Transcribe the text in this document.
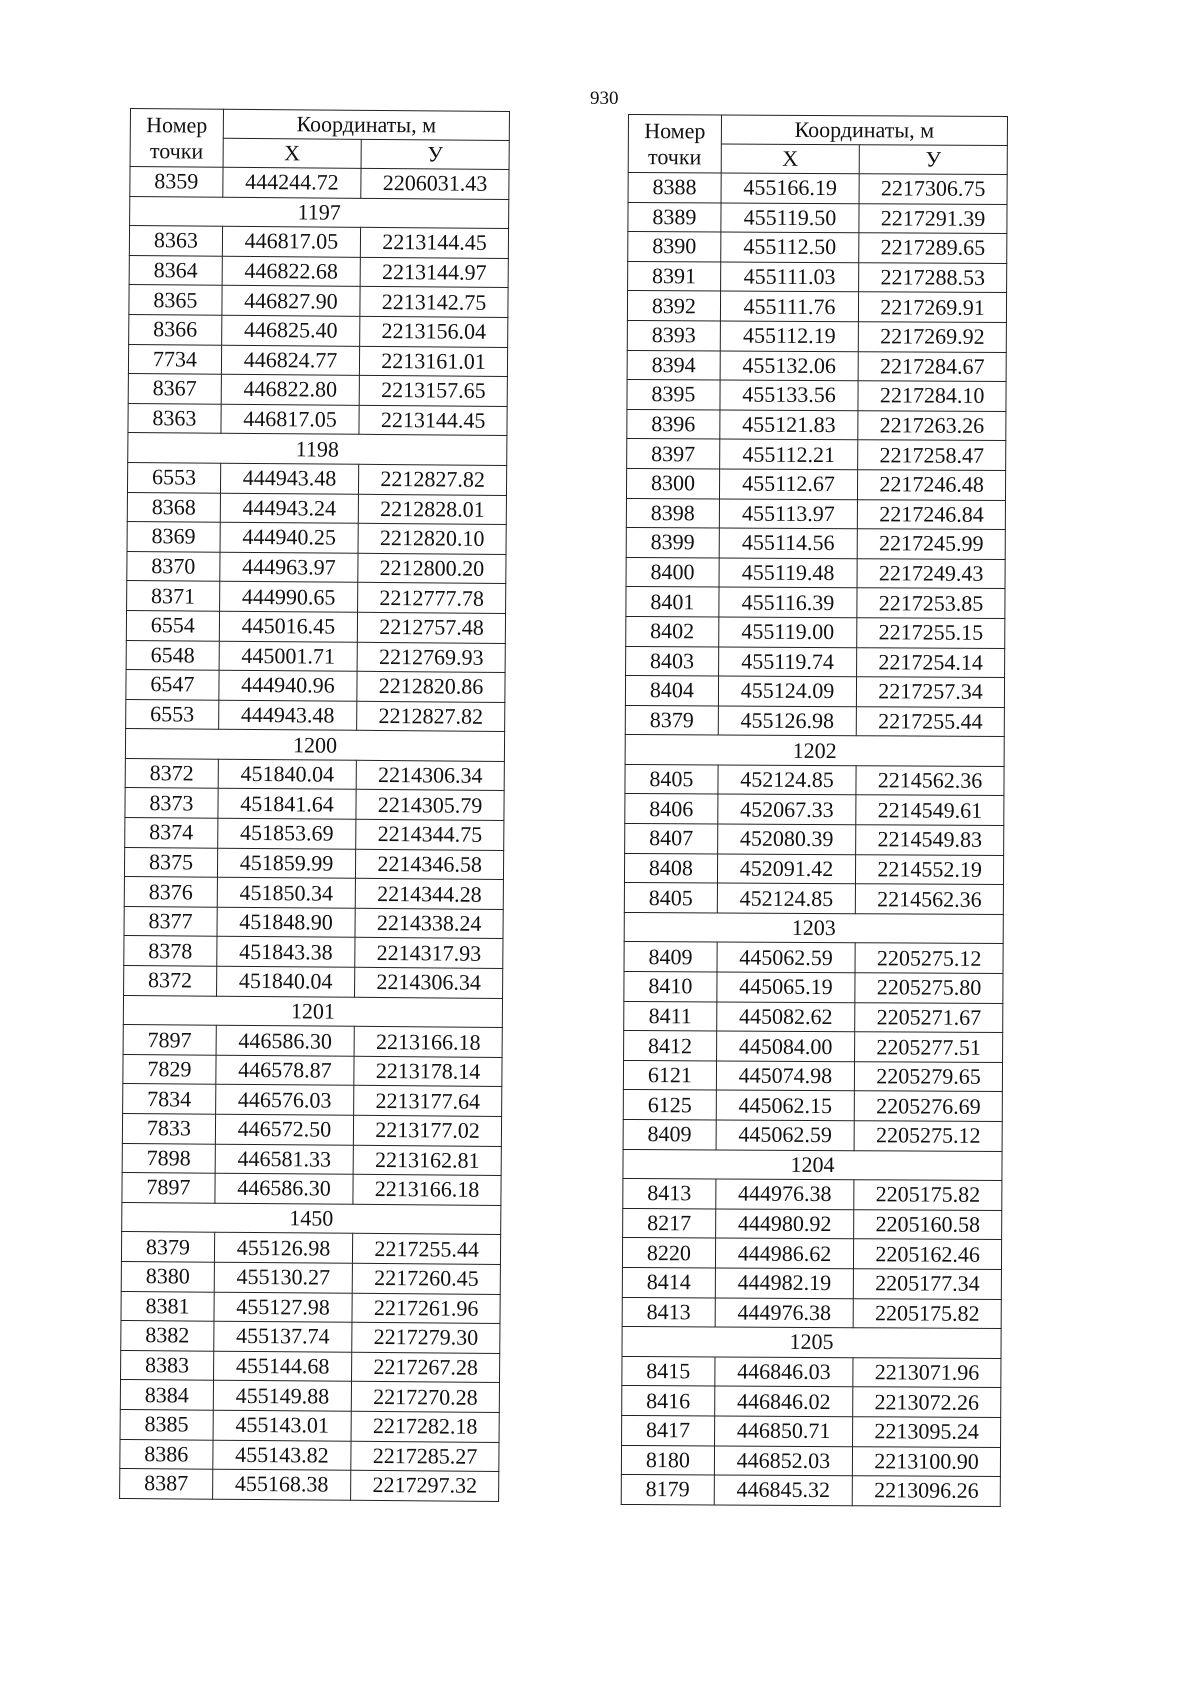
930
Номер
точки	Координаты, м	
	X	У
8359	444244.72	2206031.43
1197		
8363	446817.05	2213144.45
8364	446822.68	2213144.97
8365	446827.90	2213142.75
8366	446825.40	2213156.04
7734	446824.77	2213161.01
8367	446822.80	2213157.65
8363	446817.05	2213144.45
1198		
6553	444943.48	2212827.82
8368	444943.24	2212828.01
8369	444940.25	2212820.10
8370	444963.97	2212800.20
8371	444990.65	2212777.78
6554	445016.45	2212757.48
6548	445001.71	2212769.93
6547	444940.96	2212820.86
6553	444943.48	2212827.82
1200		
8372	451840.04	2214306.34
8373	451841.64	2214305.79
8374	451853.69	2214344.75
8375	451859.99	2214346.58
8376	451850.34	2214344.28
8377	451848.90	2214338.24
8378	451843.38	2214317.93
8372	451840.04	2214306.34
1201		
7897	446586.30	2213166.18
7829	446578.87	2213178.14
7834	446576.03	2213177.64
7833	446572.50	2213177.02
7898	446581.33	2213162.81
7897	446586.30	2213166.18
1450		
8379	455126.98	2217255.44
8380	455130.27	2217260.45
8381	455127.98	2217261.96
8382	455137.74	2217279.30
8383	455144.68	2217267.28
8384	455149.88	2217270.28
8385	455143.01	2217282.18
8386	455143.82	2217285.27
8387	455168.38	2217297.32
Номер
точки	Координаты, м	
	X	У
8388	455166.19	2217306.75
8389	455119.50	2217291.39
8390	455112.50	2217289.65
8391	455111.03	2217288.53
8392	455111.76	2217269.91
8393	455112.19	2217269.92
8394	455132.06	2217284.67
8395	455133.56	2217284.10
8396	455121.83	2217263.26
8397	455112.21	2217258.47
8300	455112.67	2217246.48
8398	455113.97	2217246.84
8399	455114.56	2217245.99
8400	455119.48	2217249.43
8401	455116.39	2217253.85
8402	455119.00	2217255.15
8403	455119.74	2217254.14
8404	455124.09	2217257.34
8379	455126.98	2217255.44
1202		
8405	452124.85	2214562.36
8406	452067.33	2214549.61
8407	452080.39	2214549.83
8408	452091.42	2214552.19
8405	452124.85	2214562.36
1203		
8409	445062.59	2205275.12
8410	445065.19	2205275.80
8411	445082.62	2205271.67
8412	445084.00	2205277.51
6121	445074.98	2205279.65
6125	445062.15	2205276.69
8409	445062.59	2205275.12
1204		
8413	444976.38	2205175.82
8217	444980.92	2205160.58
8220	444986.62	2205162.46
8414	444982.19	2205177.34
8413	444976.38	2205175.82
1205		
8415	446846.03	2213071.96
8416	446846.02	2213072.26
8417	446850.71	2213095.24
8180	446852.03	2213100.90
8179	446845.32	2213096.26
